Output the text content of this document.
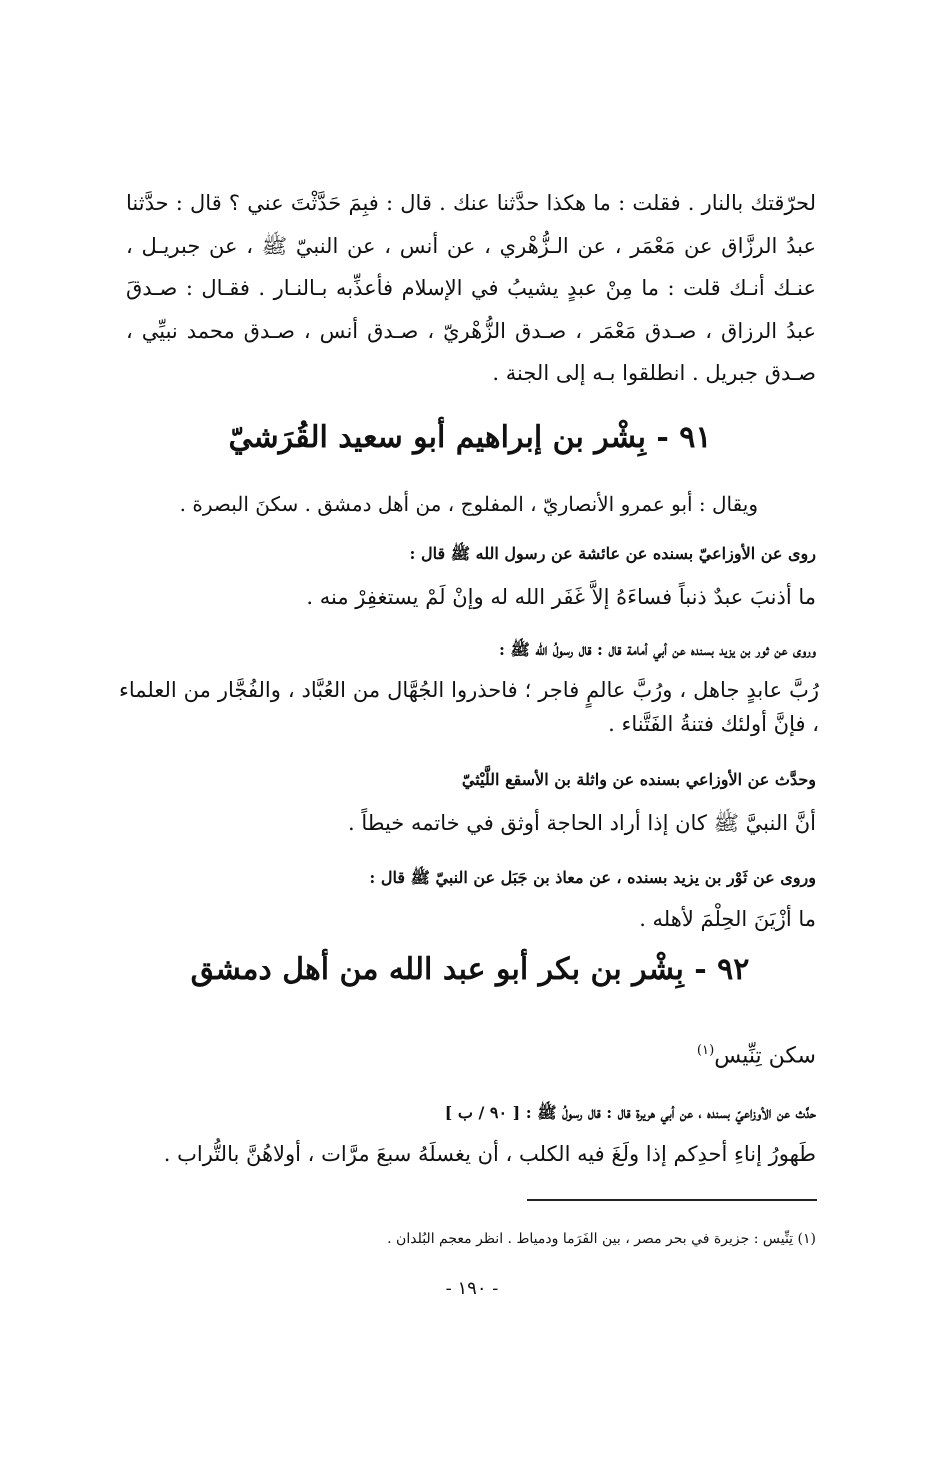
لحرّقتك بالنار . فقلت : ما هكذا حدَّثنا عنك . قال : فبِمَ حَدَّثْتَ عني ؟ قال : حدَّثنا عبدُ الرزَّاق عن مَعْمَر ، عن الـزُّهْري ، عن أنس ، عن النبيّ ﷺ ، عن جبريـل ، عنـك أنـك قلت : ما مِنْ عبدٍ يشيبُ في الإسلام فأعذِّبه بـالنـار . فقـال : صـدقَ عبدُ الرزاق ، صـدق مَعْمَر ، صـدق الزُّهْريّ ، صـدق أنس ، صـدق محمد نبيِّي ، صـدق جبريل . انطلقوا بـه إلى الجنة .

٩١ - بِشْر بن إبراهيم أبو سعيد القُرَشيّ
ويقال : أبو عمرو الأنصاريّ ، المفلوج ، من أهل دمشق . سكنَ البصرة .
روى عن الأوزاعيّ بسنده عن عائشة عن رسول الله ﷺ قال :
ما أذنبَ عبدٌ ذنباً فساءَهُ إلاَّ غَفَر الله له وإنْ لَمْ يستغفِرْ منه .
وروى عن ثور بن يزيد بسنده عن أبي أمامة قال : قال رسولُ الله ﷺ :
رُبَّ عابدٍ جاهل ، ورُبَّ عالمٍ فاجر ؛ فاحذروا الجُهَّال من العُبَّاد ، والفُجَّار من العلماء ، فإنَّ أولئك فتنةُ الفَتَّناء .
وحدَّث عن الأوزاعي بسنده عن واثلة بن الأسقع اللَّيْثيّ
أنَّ النبيَّ ﷺ كان إذا أراد الحاجة أوثق في خاتمه خيطاً .
وروى عن ثَوْر بن يزيد بسنده ، عن معاذ بن جَبَل عن النبيّ ﷺ قال :
ما أزْيَنَ الحِلْمَ لأهله .
٩٢ - بِشْر بن بكر أبو عبد الله من أهل دمشق
سكن تِنِّيس$^{(١)}$
حدَّث عن الأوزاعيّ بسنده ، عن أبي هريرة قال : قال رسولُ ﷺ : [ ٩٠ / ب ]
طَهورُ إناءِ أحدِكم إذا ولَغَ فيه الكلب ، أن يغسلَهُ سبعَ مرَّات ، أولاهُنَّ بالتُّراب .
(١) تِنِّيس : جزيرة في بحر مصر ، بين الفَرَما ودمياط . انظر معجم البُلدان .
- ١٩٠ -
